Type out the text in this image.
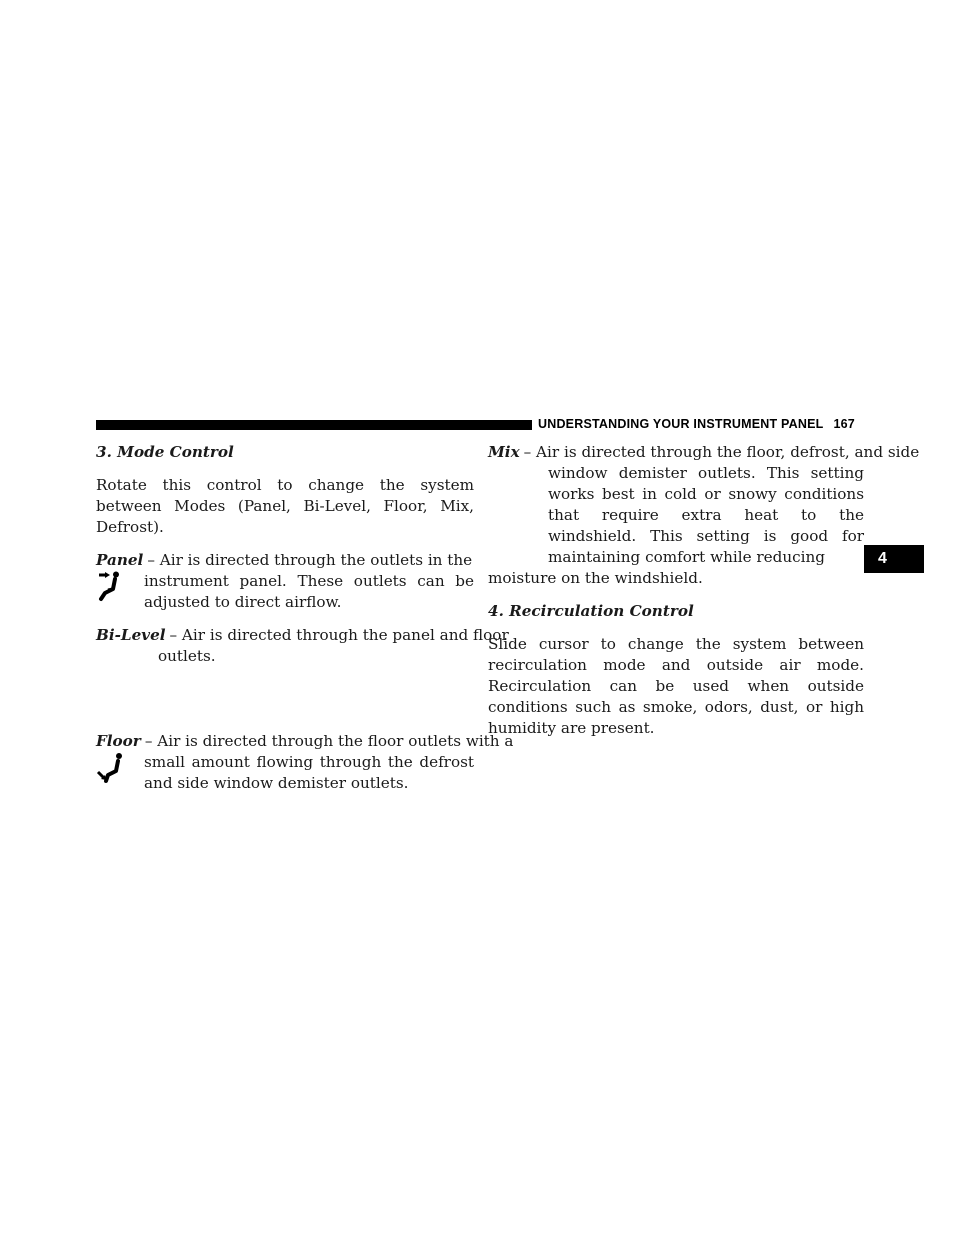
UNDERSTANDING YOUR INSTRUMENT PANEL 167
4

3. Mode Control

Rotate this control to change the system between Modes (Panel, Bi-Level, Floor, Mix, Defrost).

Panel – Air is directed through the outlets in the
instrument panel. These outlets can be adjusted to direct airflow.
Bi-Level – Air is directed through the panel and floor
outlets.
Floor – Air is directed through the floor outlets with a
small amount flowing through the defrost and side window demister outlets.
Mix – Air is directed through the floor, defrost, and side
window demister outlets. This setting works best in cold or snowy conditions that require extra heat to the windshield. This setting is good for maintaining comfort while reducing
moisture on the windshield.

4. Recirculation Control

Slide cursor to change the system between recirculation mode and outside air mode. Recirculation can be used when outside conditions such as smoke, odors, dust, or high humidity are present.
